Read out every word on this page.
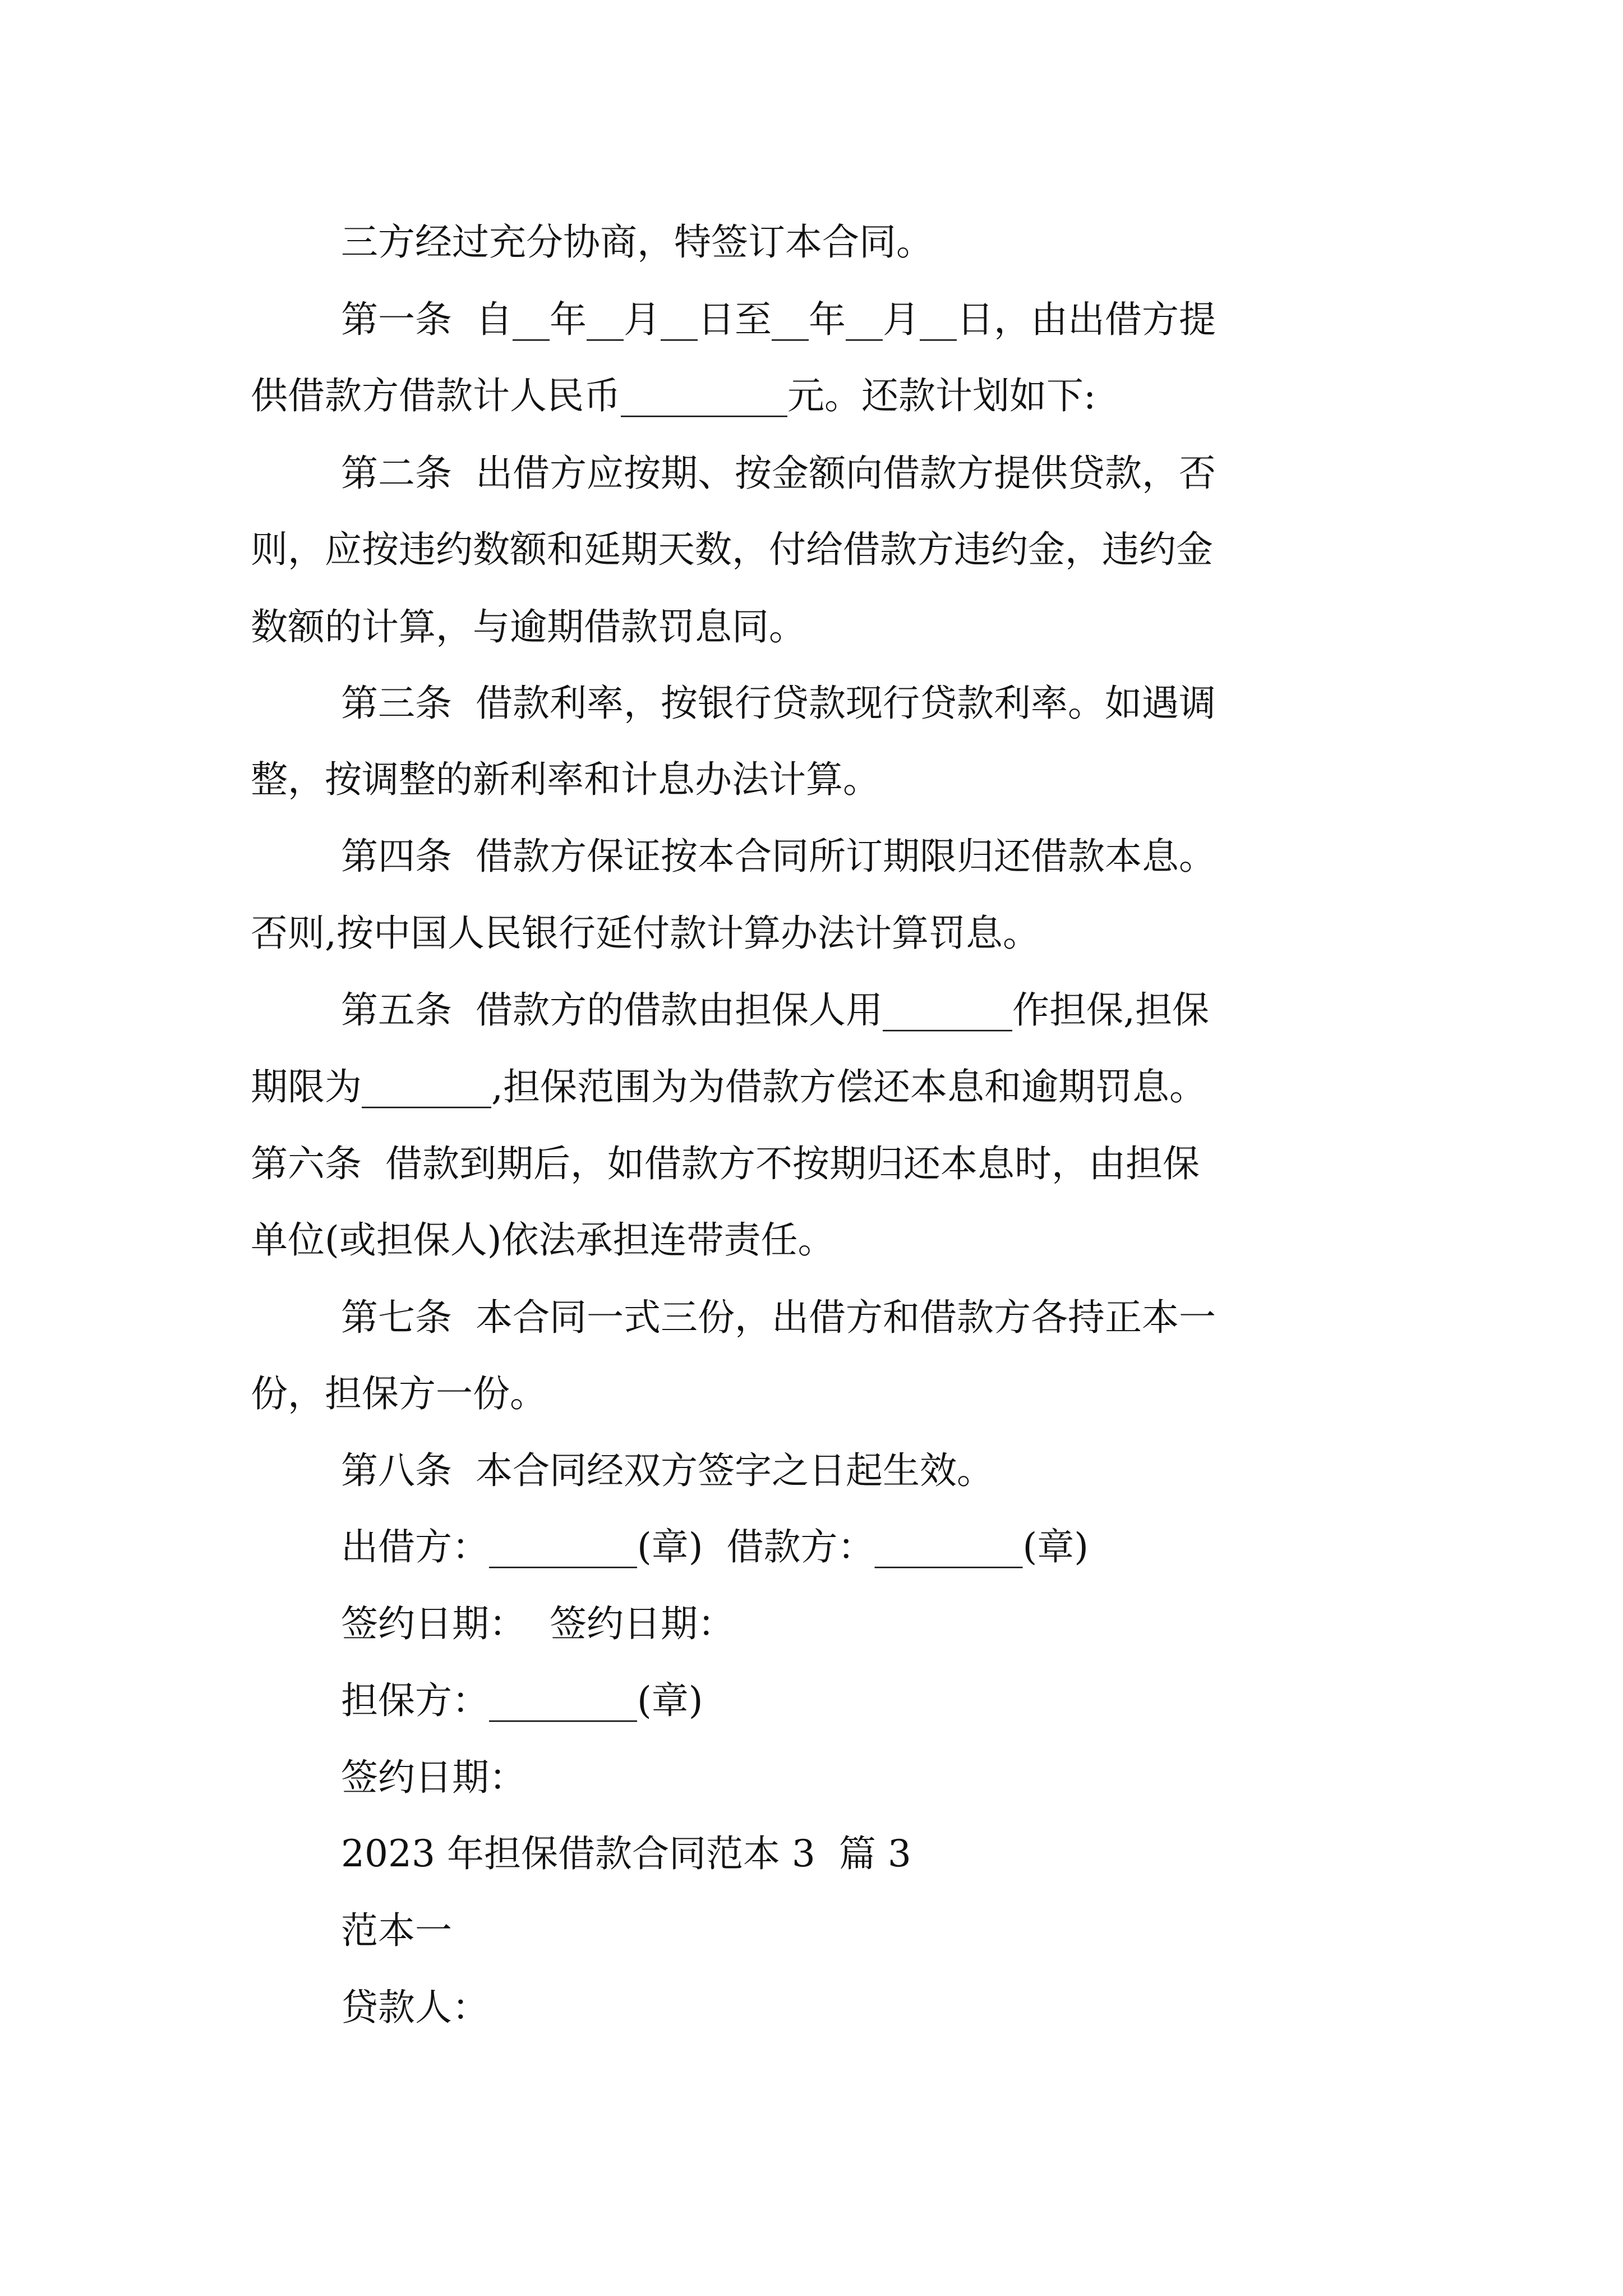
三方经过充分协商，特签订本合同。
第一条  自__年__月__日至__年__月__日，由出借方提
供借款方借款计人民币_________元。还款计划如下:
第二条  出借方应按期、按金额向借款方提供贷款，否
则，应按违约数额和延期天数，付给借款方违约金，违约金
数额的计算，与逾期借款罚息同。
第三条  借款利率，按银行贷款现行贷款利率。如遇调
整，按调整的新利率和计息办法计算。
第四条  借款方保证按本合同所订期限归还借款本息。
否则,按中国人民银行延付款计算办法计算罚息。
第五条  借款方的借款由担保人用_______作担保,担保
期限为_______,担保范围为为借款方偿还本息和逾期罚息。
第六条  借款到期后，如借款方不按期归还本息时，由担保
单位(或担保人)依法承担连带责任。
第七条  本合同一式三份，出借方和借款方各持正本一
份，担保方一份。
第八条  本合同经双方签字之日起生效。
出借方：________(章)  借款方：________(章)
签约日期：  签约日期：
担保方：________(章)
签约日期：
2023 年担保借款合同范本 3  篇 3
范本一
贷款人：
